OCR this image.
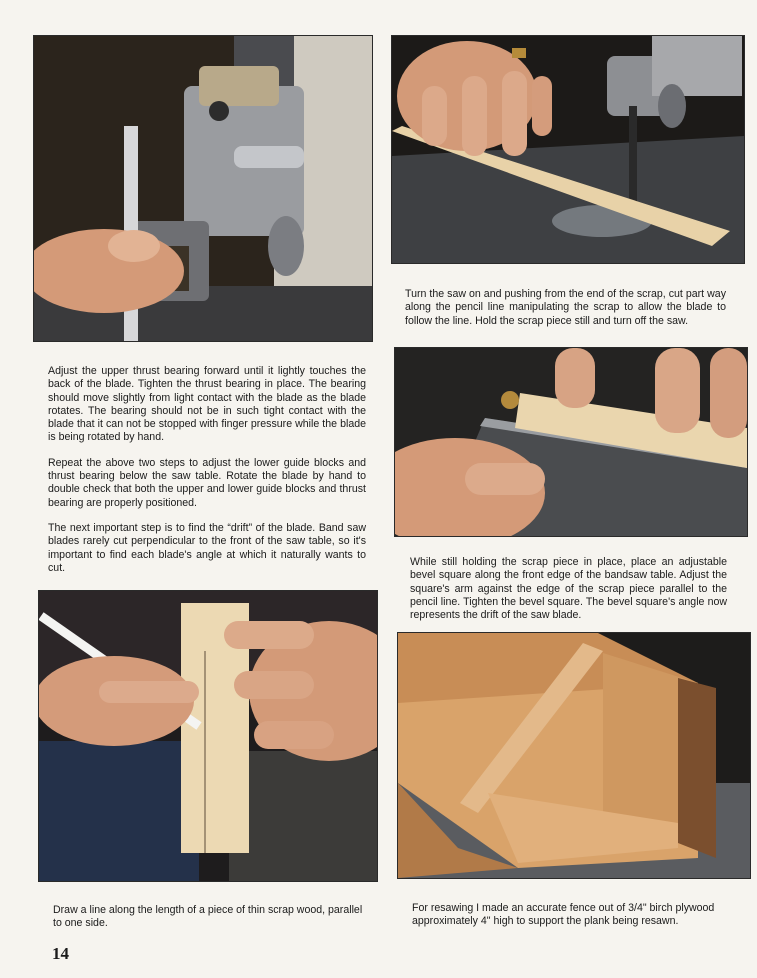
Turn the saw on and pushing from the end of the scrap, cut part way along the pencil line manipulating the scrap to allow the blade to follow the line. Hold the scrap piece still and turn off the saw.

Adjust the upper thrust bearing forward until it lightly touches the back of the blade. Tighten the thrust bearing in place. The bearing should move slightly from light contact with the blade as the blade rotates. The bearing should not be in such tight contact with the blade that it can not be stopped with finger pressure while the blade is being rotated by hand.

Repeat the above two steps to adjust the lower guide blocks and thrust bearing below the saw table. Rotate the blade by hand to double check that both the upper and lower guide blocks and thrust bearing are properly positioned.

The next important step is to find the “drift” of the blade. Band saw blades rarely cut perpendicular to the front of the saw table, so it's important to find each blade's angle at which it naturally wants to cut.	While still holding the scrap piece in place, place an adjustable bevel square along the front edge of the bandsaw table. Adjust the square's arm against the edge of the scrap piece parallel to the pencil line. Tighten the bevel square. The bevel square's angle now represents the drift of the saw blade.
Draw a line along the length of a piece of thin scrap wood, parallel to one side.
For resawing I made an accurate fence out of 3/4" birch plywood approximately 4" high to support the plank being resawn.
14
